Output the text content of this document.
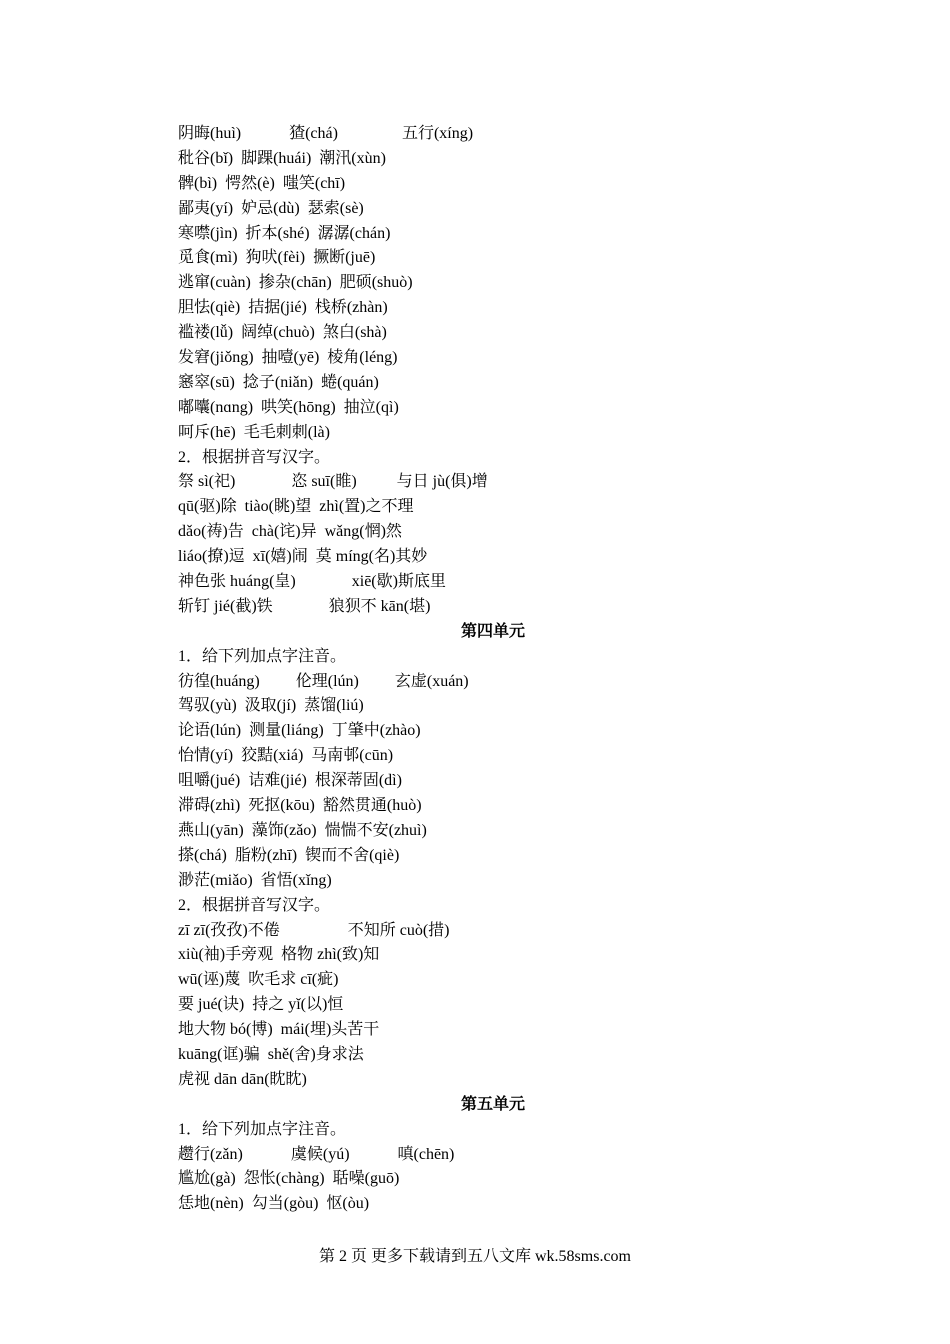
阴晦(huì)            猹(chá)                五行(xíng)
秕谷(bǐ)  脚踝(huái)  潮汛(xùn)
髀(bì)  愕然(è)  嗤笑(chī)
鄙夷(yí)  妒忌(dù)  瑟索(sè)
寒噤(jìn)  折本(shé)  潺潺(chán)
觅食(mì)  狗吠(fèi)  撅断(juē)
逃窜(cuàn)  掺杂(chān)  肥硕(shuò)
胆怯(qiè)  拮据(jié)  栈桥(zhàn)
褴褛(lǚ)  阔绰(chuò)  煞白(shà)
发窘(jiǒng)  抽噎(yē)  棱角(léng)
窸窣(sū)  捻子(niǎn)  蜷(quán)
嘟囔(nɑng)  哄笑(hōng)  抽泣(qì)
呵斥(hē)  毛毛刺刺(là)
2．根据拼音写汉字。
祭 sì(祀)              恣 suī(睢)          与日 jù(俱)增
qū(驱)除  tiào(眺)望  zhì(置)之不理
dǎo(祷)告  chà(诧)异  wǎng(惘)然
liáo(撩)逗  xī(嬉)闹  莫 míng(名)其妙
神色张 huáng(皇)              xiē(歇)斯底里
斩钉 jié(截)铁              狼狈不 kān(堪)
第四单元
1．给下列加点字注音。
彷徨(huáng)         伦理(lún)         玄虚(xuán)
驾驭(yù)  汲取(jí)  蒸馏(liú)
论语(lún)  测量(liáng)  丁肇中(zhào)
怡情(yí)  狡黠(xiá)  马南邨(cūn)
咀嚼(jué)  诘难(jié)  根深蒂固(dì)
滞碍(zhì)  死抠(kōu)  豁然贯通(huò)
燕山(yān)  藻饰(zǎo)  惴惴不安(zhuì)
搽(chá)  脂粉(zhī)  锲而不舍(qiè)
渺茫(miǎo)  省悟(xǐng)
2．根据拼音写汉字。
zī zī(孜孜)不倦                 不知所 cuò(措)
xiù(袖)手旁观  格物 zhì(致)知
wū(诬)蔑  吹毛求 cī(疵)
要 jué(诀)  持之 yǐ(以)恒
地大物 bó(博)  mái(埋)头苦干
kuāng(诓)骗  shě(舍)身求法
虎视 dān dān(眈眈)
第五单元
1．给下列加点字注音。
趱行(zǎn)            虞候(yú)            嗔(chēn)
尴尬(gà)  怨怅(chàng)  聒噪(guō)
恁地(nèn)  勾当(gòu)  怄(òu)
第 2 页 更多下载请到五八文库 wk.58sms.com
